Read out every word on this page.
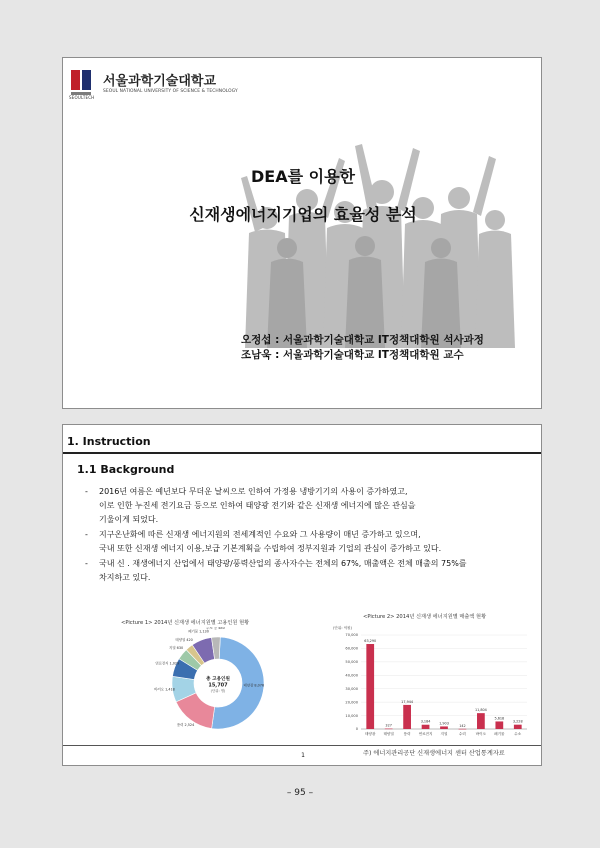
SEOULTECH
서울과학기술대학교
SEOUL NATIONAL UNIVERSITY OF SCIENCE & TECHNOLOGY
DEA를 이용한
신재생에너지기업의 효율성 분석
오정섭 : 서울과학기술대학교 IT정책대학원 석사과정
조남욱 : 서울과학기술대학교 IT정책대학원 교수
1. Instruction
1.1 Background
- 2016년 여름은 예년보다 무더운 날씨으로 인하여 가정용 냉방기기의 사용이 증가하였고,
이로 인한 누진세 전기요금 등으로 인하여 태양광 전기와 같은 신재생 에너지에 많은 관심을
기울이게 되었다.
- 지구온난화에 따른 신재생 에너지원의 전세계적인 수요와 그 사용량이 매년 증가하고 있으며,
국내 또한 신재생 에너지 이용,보급 기본계획을 수립하여 정부지원과 기업의 관심이 증가하고 있다.
- 국내 신 . 재생에너지 산업에서 태양광/풍력산업의 종사자수는 전체의 67%, 매출액은 전체 매출의 75%를
차지하고 있다.
<Picture 1> 2014년 신재생 에너지원별 고용인원 현황
<Picture 2> 2014년 신재생 에너지원별 매출액 현황
태양광 8,076
풍력 2,524
바이오 1,418
연료전지 1,029
지열 630
태양열 420
폐기물 1,130
수소 등 480
총 고용인원
15,707
(단위: 명)
(단위: 억원)
0
10,000
20,000
30,000
40,000
50,000
60,000
70,000
63,290
태양광
327
태양열
17,944
풍력
3,184
연료전지
1,903
지열
142
수력
11,804
바이오
5,618
폐기물
3,228
수소
주) 에너지관리공단 신재생에너지 센터 산업통계자료
1
– 95 –
